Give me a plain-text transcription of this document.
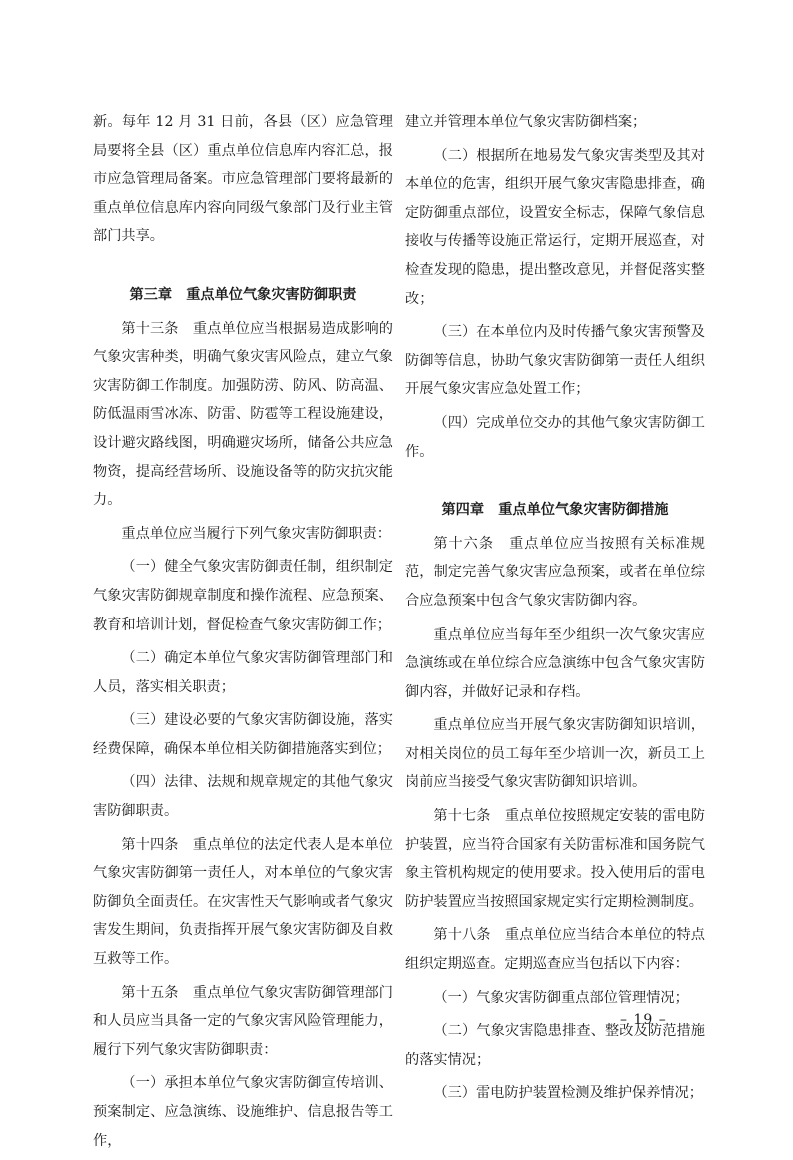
新。每年 12 月 31 日前，各县（区）应急管理局要将全县（区）重点单位信息库内容汇总，报市应急管理局备案。市应急管理部门要将最新的重点单位信息库内容向同级气象部门及行业主管部门共享。

第三章　重点单位气象灾害防御职责

第十三条　重点单位应当根据易造成影响的气象灾害种类，明确气象灾害风险点，建立气象灾害防御工作制度。加强防涝、防风、防高温、防低温雨雪冰冻、防雷、防雹等工程设施建设，设计避灾路线图，明确避灾场所，储备公共应急物资，提高经营场所、设施设备等的防灾抗灾能力。

重点单位应当履行下列气象灾害防御职责：

（一）健全气象灾害防御责任制，组织制定气象灾害防御规章制度和操作流程、应急预案、教育和培训计划，督促检查气象灾害防御工作；

（二）确定本单位气象灾害防御管理部门和人员，落实相关职责；

（三）建设必要的气象灾害防御设施，落实经费保障，确保本单位相关防御措施落实到位；

（四）法律、法规和规章规定的其他气象灾害防御职责。

第十四条　重点单位的法定代表人是本单位气象灾害防御第一责任人，对本单位的气象灾害防御负全面责任。在灾害性天气影响或者气象灾害发生期间，负责指挥开展气象灾害防御及自救互救等工作。

第十五条　重点单位气象灾害防御管理部门和人员应当具备一定的气象灾害风险管理能力，履行下列气象灾害防御职责：

（一）承担本单位气象灾害防御宣传培训、预案制定、应急演练、设施维护、信息报告等工作，

建立并管理本单位气象灾害防御档案；

（二）根据所在地易发气象灾害类型及其对本单位的危害，组织开展气象灾害隐患排查，确定防御重点部位，设置安全标志，保障气象信息接收与传播等设施正常运行，定期开展巡查，对检查发现的隐患，提出整改意见，并督促落实整改；

（三）在本单位内及时传播气象灾害预警及防御等信息，协助气象灾害防御第一责任人组织开展气象灾害应急处置工作；

（四）完成单位交办的其他气象灾害防御工作。

第四章　重点单位气象灾害防御措施

第十六条　重点单位应当按照有关标准规范，制定完善气象灾害应急预案，或者在单位综合应急预案中包含气象灾害防御内容。

重点单位应当每年至少组织一次气象灾害应急演练或在单位综合应急演练中包含气象灾害防御内容，并做好记录和存档。

重点单位应当开展气象灾害防御知识培训，对相关岗位的员工每年至少培训一次，新员工上岗前应当接受气象灾害防御知识培训。

第十七条　重点单位按照规定安装的雷电防护装置，应当符合国家有关防雷标准和国务院气象主管机构规定的使用要求。投入使用后的雷电防护装置应当按照国家规定实行定期检测制度。

第十八条　重点单位应当结合本单位的特点组织定期巡查。定期巡查应当包括以下内容：

（一）气象灾害防御重点部位管理情况；

（二）气象灾害隐患排查、整改及防范措施的落实情况；

（三）雷电防护装置检测及维护保养情况；

– 19 –
